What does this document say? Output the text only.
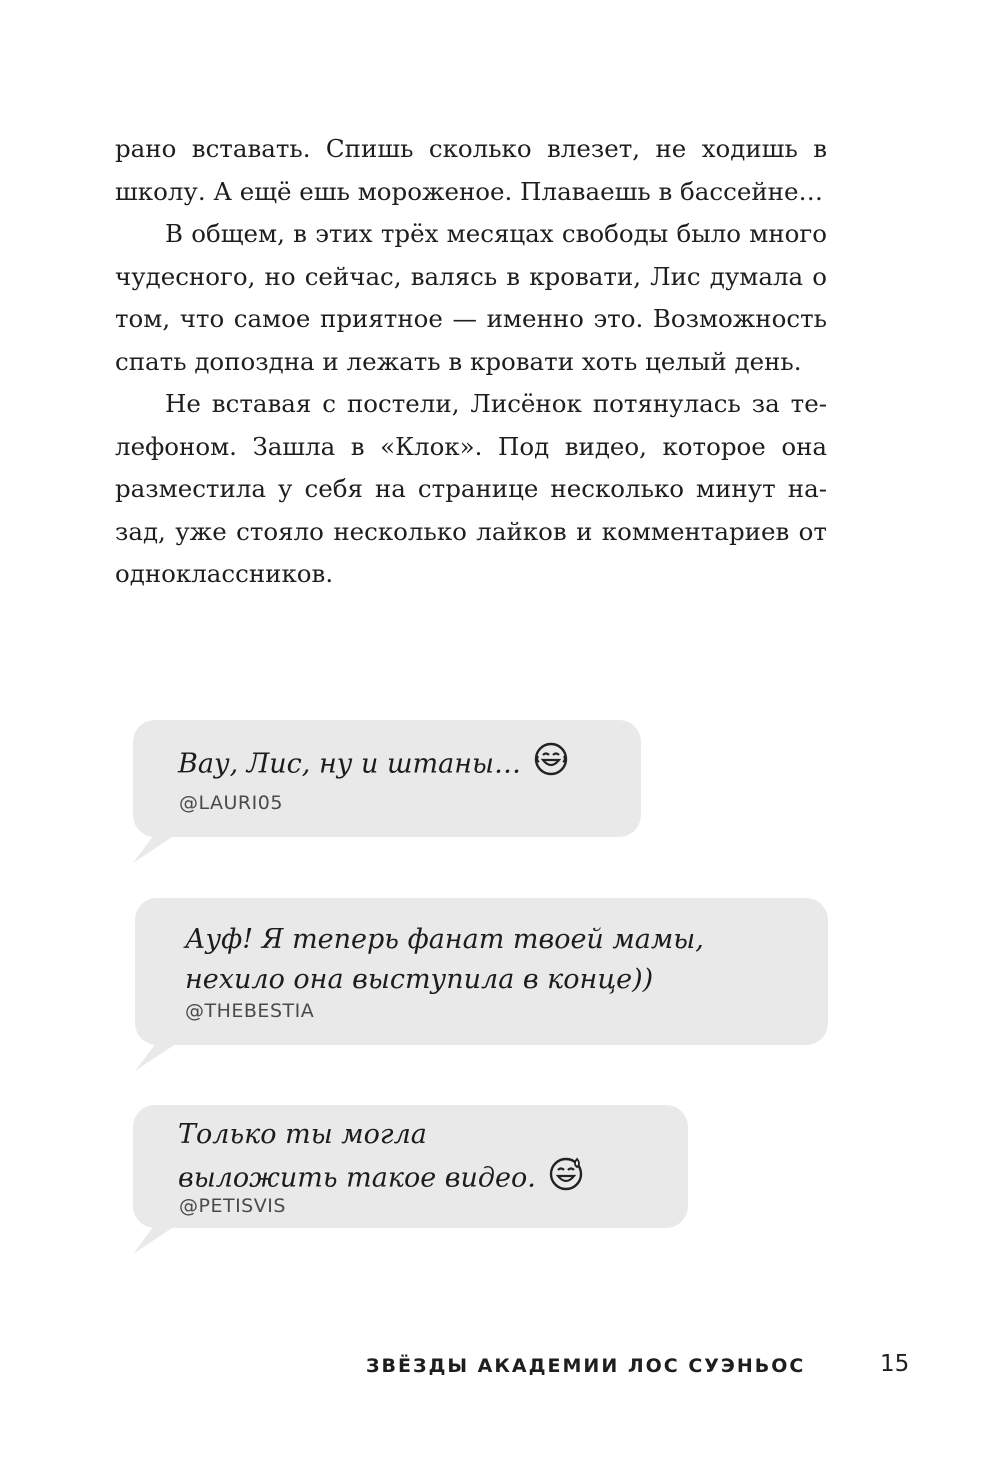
рано вставать. Спишь сколько влезет, не ходишь в школу. А ещё ешь мороженое. Плаваешь в бассейне…

В общем, в этих трёх месяцах свободы было много чудесного, но сейчас, валясь в кровати, Лис думала о том, что самое приятное — именно это. Возможность спать допоздна и лежать в кровати хоть целый день.

Не вставая с постели, Лисёнок потянулась за телефоном. Зашла в «Клок». Под видео, которое она разместила у себя на странице несколько минут назад, уже стояло несколько лайков и комментариев от одноклассников.

Вау, Лис, ну и штаны…
@LAURI05
Ауф! Я теперь фанат твоей мамы,
нехило она выступила в конце))
@THEBESTIA
Только ты могла
выложить такое видео.
@PETISVIS
ЗВЁЗДЫ АКАДЕМИИ ЛОС СУЭНЬОС	15
